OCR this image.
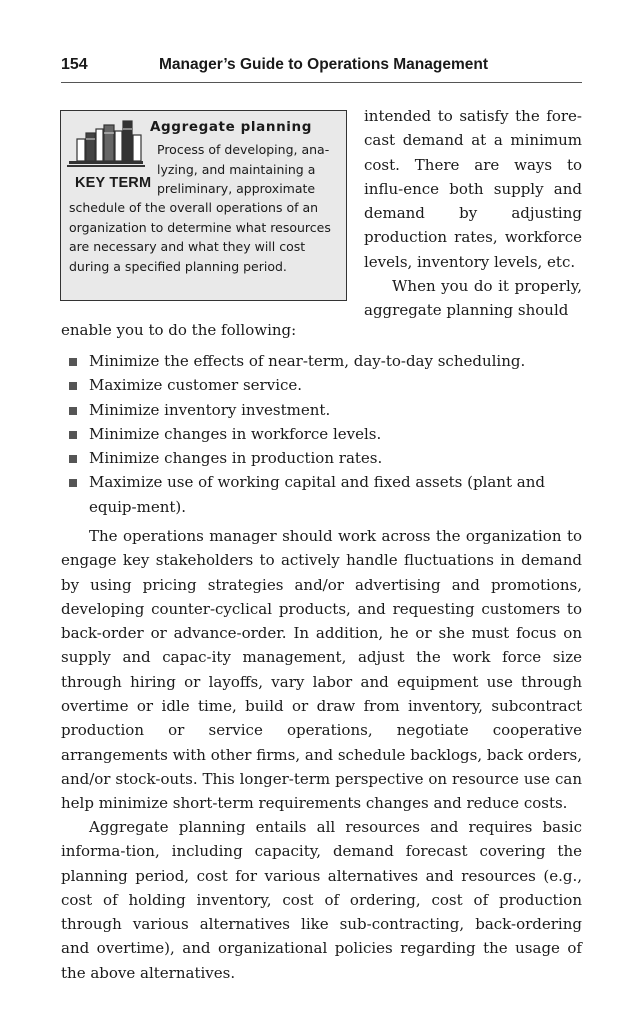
154	Manager’s Guide to Operations Management
KEY TERM
Aggregate planning
Process of developing, ana-lyzing, and maintaining a preliminary, approximate
schedule of the overall operations of an organization to determine what resources are necessary and what they will cost during a specified planning period.

intended to satisfy the fore-cast demand at a minimum cost. There are ways to influ-ence both supply and demand by adjusting production rates, workforce levels, inventory levels, etc.

When you do it properly, aggregate planning should

enable you to do the following:
Minimize the effects of near-term, day-to-day scheduling.
Maximize customer service.
Minimize inventory investment.
Minimize changes in workforce levels.
Minimize changes in production rates.
Maximize use of working capital and fixed assets (plant and equip-ment).

The operations manager should work across the organization to engage key stakeholders to actively handle fluctuations in demand by using pricing strategies and/or advertising and promotions, developing counter-cyclical products, and requesting customers to back-order or advance-order. In addition, he or she must focus on supply and capac-ity management, adjust the work force size through hiring or layoffs, vary labor and equipment use through overtime or idle time, build or draw from inventory, subcontract production or service operations, negotiate cooperative arrangements with other firms, and schedule backlogs, back orders, and/or stock-outs. This longer-term perspective on resource use can help minimize short-term requirements changes and reduce costs.

Aggregate planning entails all resources and requires basic informa-tion, including capacity, demand forecast covering the planning period, cost for various alternatives and resources (e.g., cost of holding inventory, cost of ordering, cost of production through various alternatives like sub-contracting, back-ordering and overtime), and organizational policies regarding the usage of the above alternatives.
